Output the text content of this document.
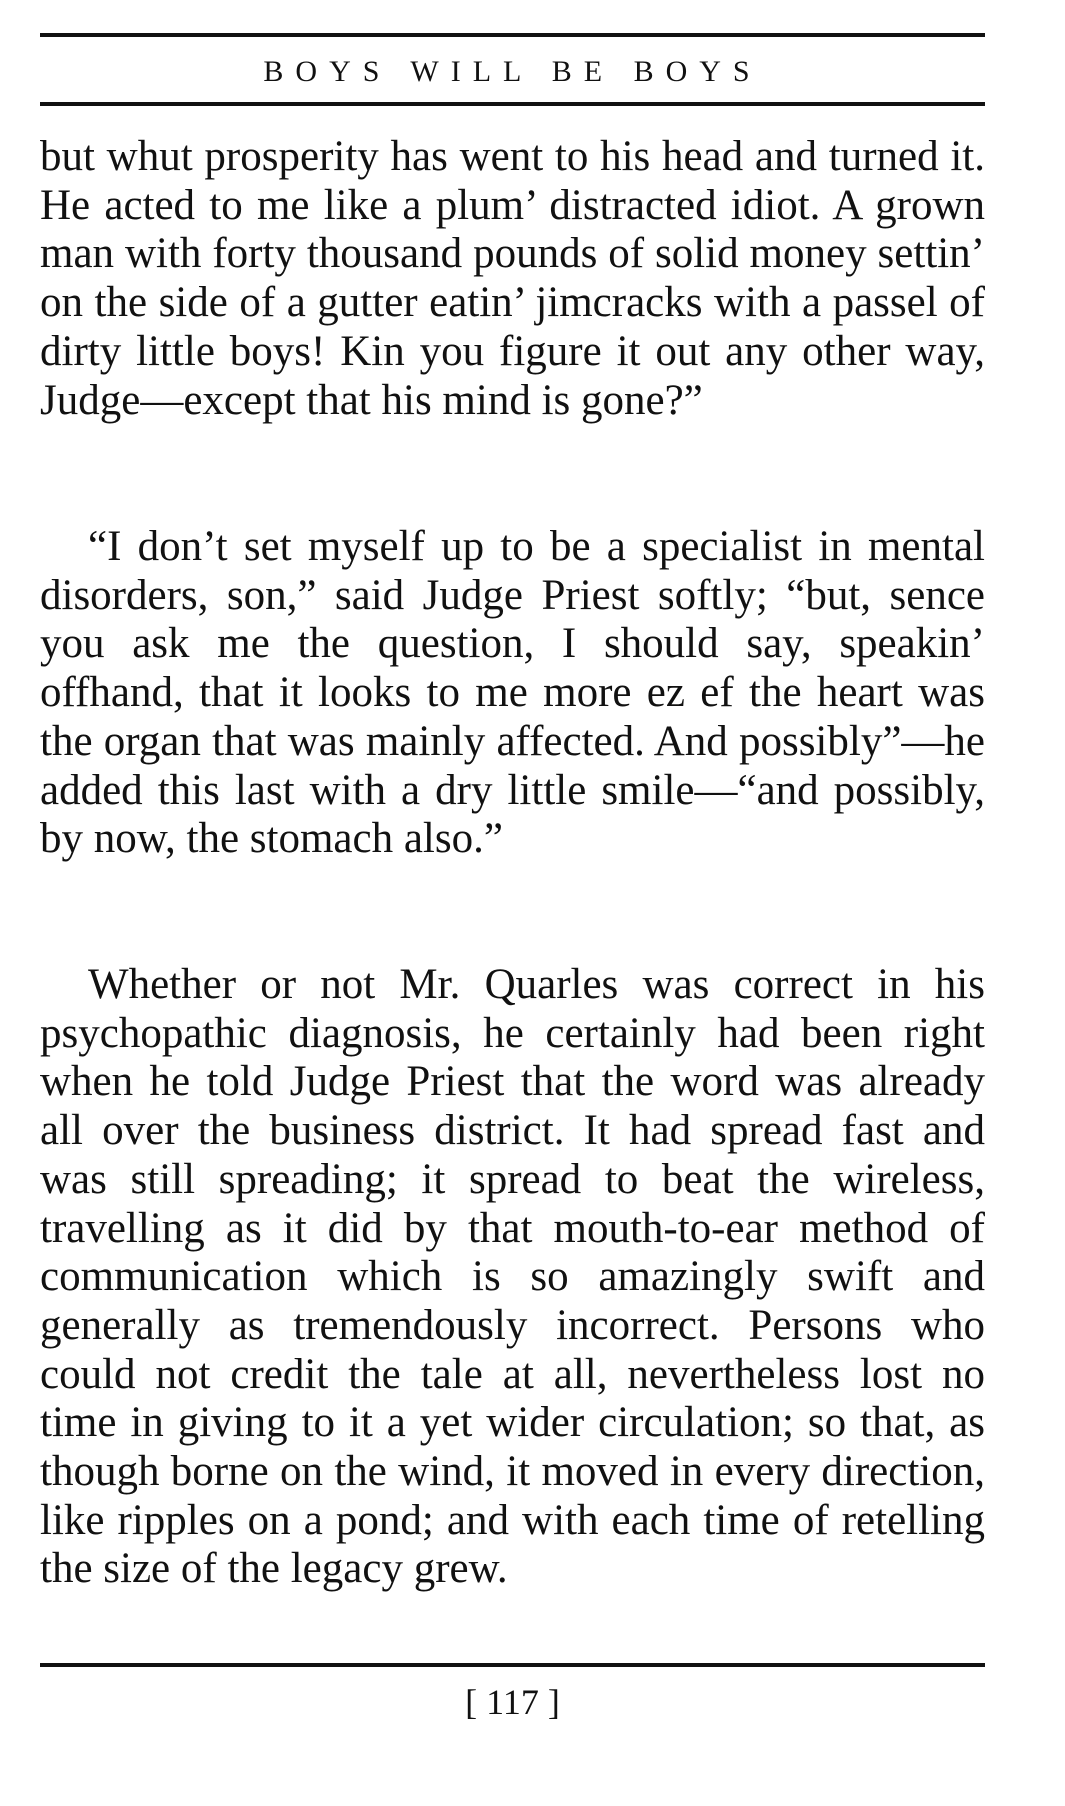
BOYS WILL BE BOYS

but whut prosperity has went to his head and turned it. He acted to me like a plum’ distracted idiot. A grown man with forty thousand pounds of solid money settin’ on the side of a gutter eatin’ jimcracks with a passel of dirty little boys! Kin you figure it out any other way, Judge—except that his mind is gone?”

“I don’t set myself up to be a specialist in mental disorders, son,” said Judge Priest softly; “but, sence you ask me the question, I should say, speakin’ offhand, that it looks to me more ez ef the heart was the organ that was mainly affected. And possibly”—he added this last with a dry little smile—“and possibly, by now, the stomach also.”

Whether or not Mr. Quarles was correct in his psychopathic diagnosis, he certainly had been right when he told Judge Priest that the word was already all over the business district. It had spread fast and was still spreading; it spread to beat the wireless, travelling as it did by that mouth-to-ear method of communication which is so amazingly swift and generally as tremendously incorrect. Persons who could not credit the tale at all, nevertheless lost no time in giving to it a yet wider circulation; so that, as though borne on the wind, it moved in every direction, like ripples on a pond; and with each time of retelling the size of the legacy grew.

[ 117 ]
